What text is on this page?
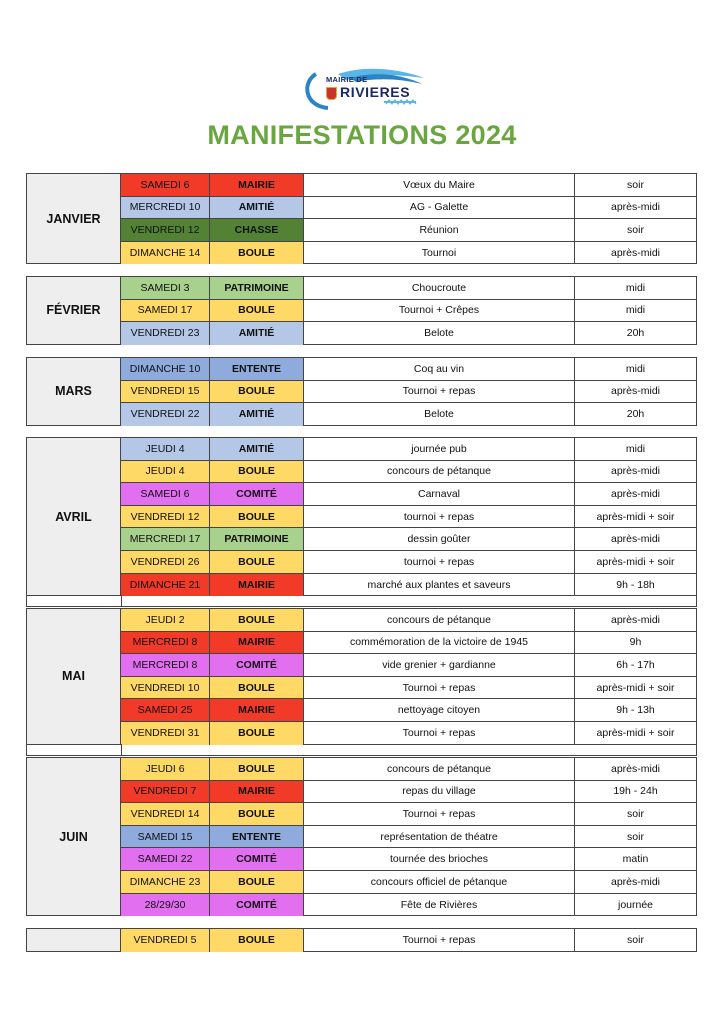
MAIRIE DE
RIVIERES
MANIFESTATIONS 2024
JANVIER
SAMEDI 6	MAIRIE	Vœux du Maire	soir
MERCREDI 10	AMITIÉ	AG - Galette	après-midi
VENDREDI 12	CHASSE	Réunion	soir
DIMANCHE 14	BOULE	Tournoi	après-midi
FÉVRIER
SAMEDI 3	PATRIMOINE	Choucroute	midi
SAMEDI 17	BOULE	Tournoi + Crêpes	midi
VENDREDI 23	AMITIÉ	Belote	20h
MARS
DIMANCHE 10	ENTENTE	Coq au vin	midi
VENDREDI 15	BOULE	Tournoi + repas	après-midi
VENDREDI 22	AMITIÉ	Belote	20h
AVRIL
JEUDI 4	AMITIÉ	journée pub	midi
JEUDI 4	BOULE	concours de pétanque	après-midi
SAMEDI 6	COMITÉ	Carnaval	après-midi
VENDREDI 12	BOULE	tournoi + repas	après-midi + soir
MERCREDI 17	PATRIMOINE	dessin goûter	après-midi
VENDREDI 26	BOULE	tournoi + repas	après-midi + soir
DIMANCHE 21	MAIRIE	marché aux plantes et saveurs	9h - 18h
MAI
JEUDI 2	BOULE	concours de pétanque	après-midi
MERCREDI 8	MAIRIE	commémoration de la victoire de 1945	9h
MERCREDI 8	COMITÉ	vide grenier + gardianne	6h - 17h
VENDREDI 10	BOULE	Tournoi + repas	après-midi + soir
SAMEDI 25	MAIRIE	nettoyage citoyen	9h - 13h
VENDREDI 31	BOULE	Tournoi + repas	après-midi + soir
JUIN
JEUDI 6	BOULE	concours de pétanque	après-midi
VENDREDI 7	MAIRIE	repas du village	19h - 24h
VENDREDI 14	BOULE	Tournoi + repas	soir
SAMEDI 15	ENTENTE	représentation de théatre	soir
SAMEDI 22	COMITÉ	tournée des brioches	matin
DIMANCHE 23	BOULE	concours officiel de pétanque	après-midi
28/29/30	COMITÉ	Fête de Rivières	journée
VENDREDI 5	BOULE	Tournoi + repas	soir
